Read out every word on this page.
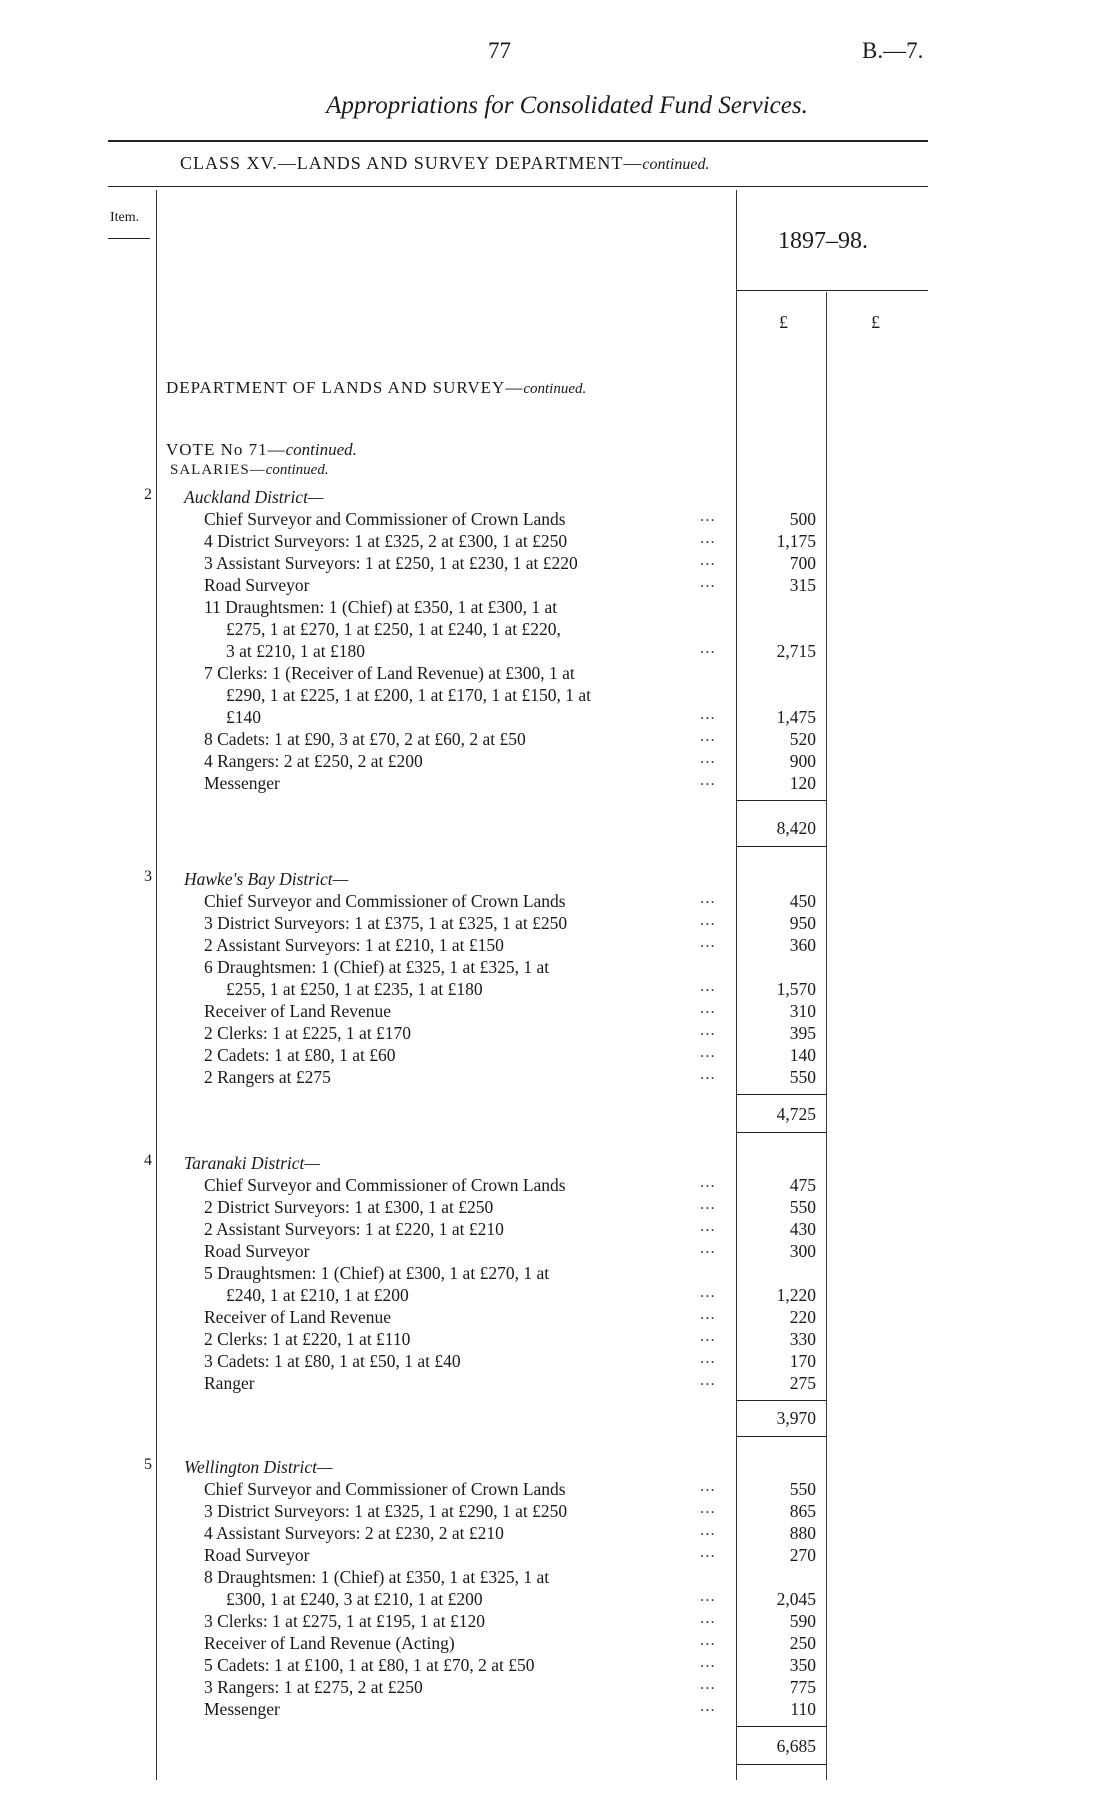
77	B.—7.
Appropriations for Consolidated Fund Services.
CLASS XV.—LANDS AND SURVEY DEPARTMENT—continued.
Item.
1897–98.
£	£
DEPARTMENT OF LANDS AND SURVEY—continued.
VOTE No 71—continued.
SALARIES—continued.
2 Auckland District—
Chief Surveyor and Commissioner of Crown Lands	...	500
4 District Surveyors: 1 at £325, 2 at £300, 1 at £250	...	1,175
3 Assistant Surveyors: 1 at £250, 1 at £230, 1 at £220	...	700
Road Surveyor	...	315
11 Draughtsmen: 1 (Chief) at £350, 1 at £300, 1 at
£275, 1 at £270, 1 at £250, 1 at £240, 1 at £220,
3 at £210, 1 at £180	...	2,715
7 Clerks: 1 (Receiver of Land Revenue) at £300, 1 at
£290, 1 at £225, 1 at £200, 1 at £170, 1 at £150, 1 at
£140	...	1,475
8 Cadets: 1 at £90, 3 at £70, 2 at £60, 2 at £50	...	520
4 Rangers: 2 at £250, 2 at £200	...	900
Messenger	...	120
8,420
3 Hawke's Bay District—
Chief Surveyor and Commissioner of Crown Lands	...	450
3 District Surveyors: 1 at £375, 1 at £325, 1 at £250	...	950
2 Assistant Surveyors: 1 at £210, 1 at £150	...	360
6 Draughtsmen: 1 (Chief) at £325, 1 at £325, 1 at
£255, 1 at £250, 1 at £235, 1 at £180	...	1,570
Receiver of Land Revenue	...	310
2 Clerks: 1 at £225, 1 at £170	...	395
2 Cadets: 1 at £80, 1 at £60	...	140
2 Rangers at £275	...	550
4,725
4 Taranaki District—
Chief Surveyor and Commissioner of Crown Lands	...	475
2 District Surveyors: 1 at £300, 1 at £250	...	550
2 Assistant Surveyors: 1 at £220, 1 at £210	...	430
Road Surveyor	...	300
5 Draughtsmen: 1 (Chief) at £300, 1 at £270, 1 at
£240, 1 at £210, 1 at £200	...	1,220
Receiver of Land Revenue	...	220
2 Clerks: 1 at £220, 1 at £110	...	330
3 Cadets: 1 at £80, 1 at £50, 1 at £40	...	170
Ranger	...	275
3,970
5 Wellington District—
Chief Surveyor and Commissioner of Crown Lands	...	550
3 District Surveyors: 1 at £325, 1 at £290, 1 at £250	...	865
4 Assistant Surveyors: 2 at £230, 2 at £210	...	880
Road Surveyor	...	270
8 Draughtsmen: 1 (Chief) at £350, 1 at £325, 1 at
£300, 1 at £240, 3 at £210, 1 at £200	...	2,045
3 Clerks: 1 at £275, 1 at £195, 1 at £120	...	590
Receiver of Land Revenue (Acting)	...	250
5 Cadets: 1 at £100, 1 at £80, 1 at £70, 2 at £50	...	350
3 Rangers: 1 at £275, 2 at £250	...	775
Messenger	...	110
6,685
